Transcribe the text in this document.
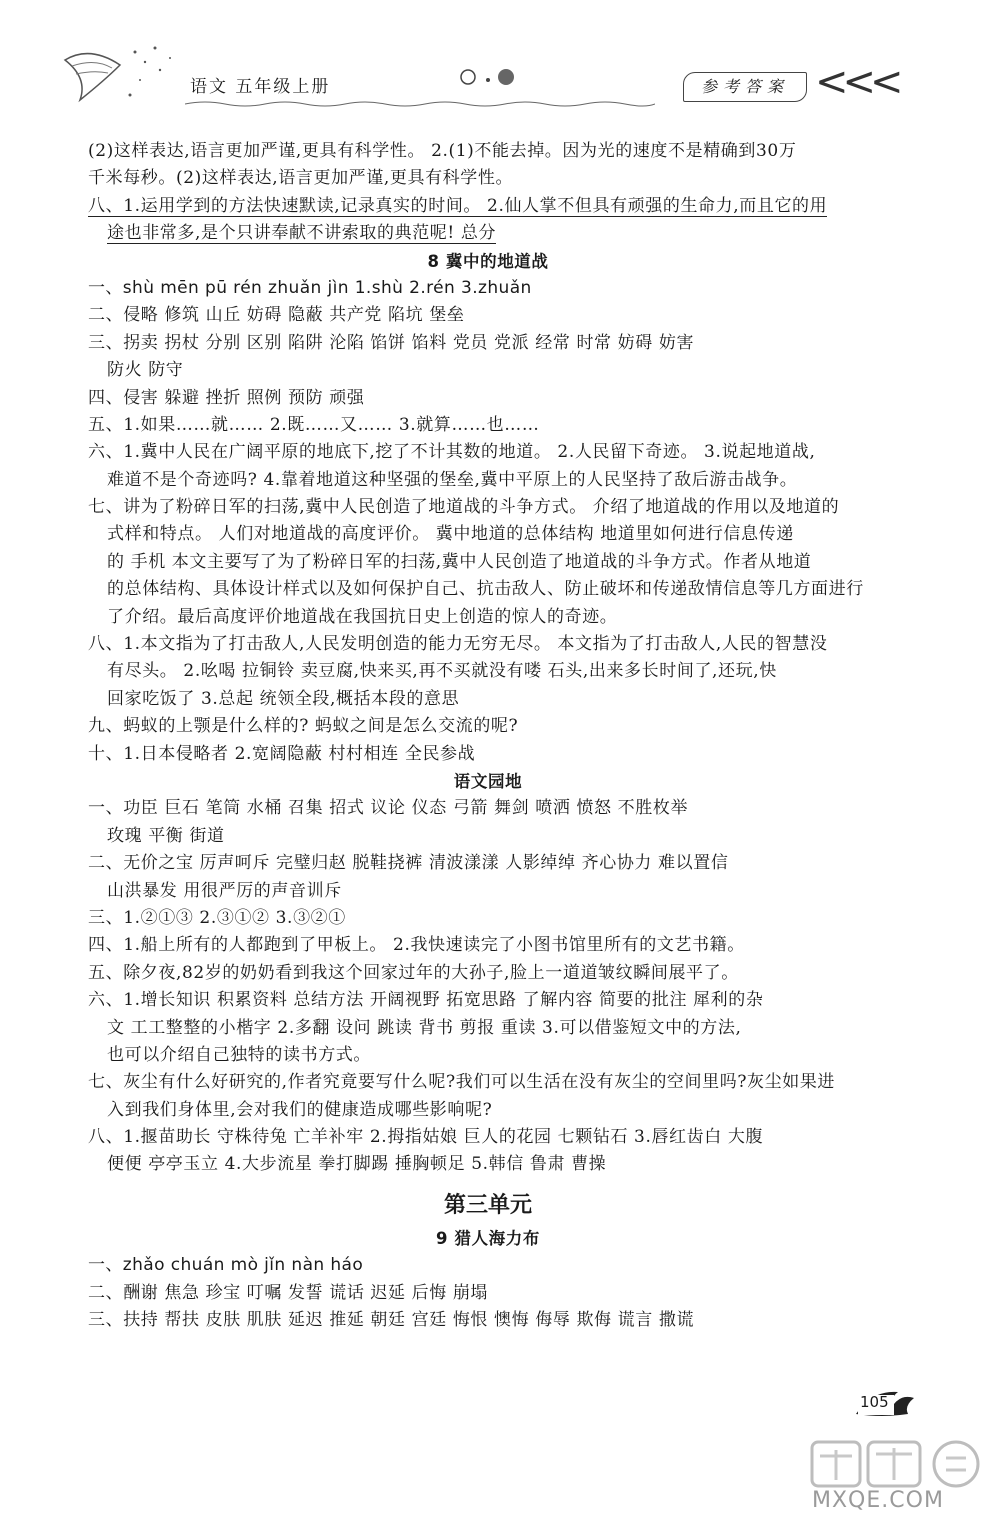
语文 五年级上册	参考答案 <<<
(2)这样表达,语言更加严谨,更具有科学性。 2.(1)不能去掉。因为光的速度不是精确到30万
千米每秒。(2)这样表达,语言更加严谨,更具有科学性。
八、1.运用学到的方法快速默读,记录真实的时间。 2.仙人掌不但具有顽强的生命力,而且它的用
途也非常多,是个只讲奉献不讲索取的典范呢! 总分
8 冀中的地道战
一、shù mēn pū rén zhuǎn jìn 1.shù 2.rén 3.zhuǎn
二、侵略 修筑 山丘 妨碍 隐蔽 共产党 陷坑 堡垒
三、拐卖 拐杖 分别 区别 陷阱 沦陷 馅饼 馅料 党员 党派 经常 时常 妨碍 妨害
防火 防守
四、侵害 躲避 挫折 照例 预防 顽强
五、1.如果……就…… 2.既……又…… 3.就算……也……
六、1.冀中人民在广阔平原的地底下,挖了不计其数的地道。 2.人民留下奇迹。 3.说起地道战,
难道不是个奇迹吗? 4.靠着地道这种坚强的堡垒,冀中平原上的人民坚持了敌后游击战争。
七、讲为了粉碎日军的扫荡,冀中人民创造了地道战的斗争方式。 介绍了地道战的作用以及地道的
式样和特点。 人们对地道战的高度评价。 冀中地道的总体结构 地道里如何进行信息传递
的 手机 本文主要写了为了粉碎日军的扫荡,冀中人民创造了地道战的斗争方式。作者从地道
的总体结构、具体设计样式以及如何保护自己、抗击敌人、防止破坏和传递敌情信息等几方面进行
了介绍。最后高度评价地道战在我国抗日史上创造的惊人的奇迹。
八、1.本文指为了打击敌人,人民发明创造的能力无穷无尽。 本文指为了打击敌人,人民的智慧没
有尽头。 2.吆喝 拉铜铃 卖豆腐,快来买,再不买就没有喽 石头,出来多长时间了,还玩,快
回家吃饭了 3.总起 统领全段,概括本段的意思
九、蚂蚁的上颚是什么样的? 蚂蚁之间是怎么交流的呢?
十、1.日本侵略者 2.宽阔隐蔽 村村相连 全民参战
语文园地
一、功臣 巨石 笔筒 水桶 召集 招式 议论 仪态 弓箭 舞剑 喷洒 愤怒 不胜枚举
玫瑰 平衡 街道
二、无价之宝 厉声呵斥 完璧归赵 脱鞋挠裤 清波漾漾 人影绰绰 齐心协力 难以置信
山洪暴发 用很严厉的声音训斥
三、1.②①③ 2.③①② 3.③②①
四、1.船上所有的人都跑到了甲板上。 2.我快速读完了小图书馆里所有的文艺书籍。
五、除夕夜,82岁的奶奶看到我这个回家过年的大孙子,脸上一道道皱纹瞬间展平了。
六、1.增长知识 积累资料 总结方法 开阔视野 拓宽思路 了解内容 简要的批注 犀利的杂
文 工工整整的小楷字 2.多翻 设问 跳读 背书 剪报 重读 3.可以借鉴短文中的方法,
也可以介绍自己独特的读书方式。
七、灰尘有什么好研究的,作者究竟要写什么呢?我们可以生活在没有灰尘的空间里吗?灰尘如果进
入到我们身体里,会对我们的健康造成哪些影响呢?
八、1.揠苗助长 守株待兔 亡羊补牢 2.拇指姑娘 巨人的花园 七颗钻石 3.唇红齿白 大腹
便便 亭亭玉立 4.大步流星 拳打脚踢 捶胸顿足 5.韩信 鲁肃 曹操
第三单元
9 猎人海力布
一、zhǎo chuán mò jǐn nàn háo
二、酬谢 焦急 珍宝 叮嘱 发誓 谎话 迟延 后悔 崩塌
三、扶持 帮扶 皮肤 肌肤 延迟 推延 朝廷 宫廷 悔恨 懊悔 侮辱 欺侮 谎言 撒谎
105
MXQE.COM
